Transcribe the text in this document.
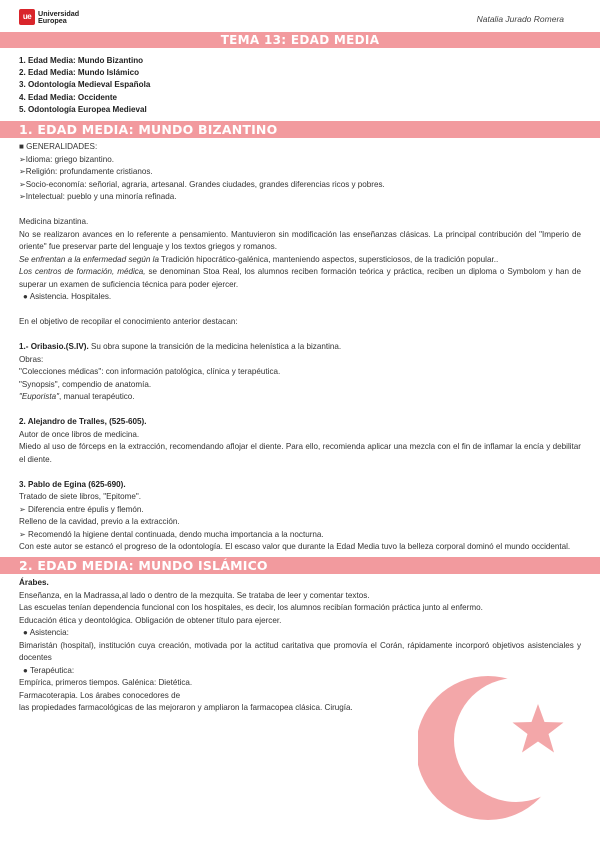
ue Universidad
Europea	Natalia Jurado Romera
TEMA 13: EDAD MEDIA
1. Edad Media: Mundo Bizantino
2. Edad Media: Mundo Islámico
3. Odontología Medieval Española
4. Edad Media: Occidente
5. Odontología Europea Medieval
1. EDAD MEDIA: MUNDO BIZANTINO

■ GENERALIDADES:

➢Idioma: griego bizantino.

➢Religión: profundamente cristianos.

➢Socio-economía: señorial, agraria, artesanal. Grandes ciudades, grandes diferencias ricos y pobres.

➢Intelectual: pueblo y una minoría refinada.

Medicina bizantina.

No se realizaron avances en lo referente a pensamiento. Mantuvieron sin modificación las enseñanzas clásicas. La principal contribución del "Imperio de oriente" fue preservar parte del lenguaje y los textos griegos y romanos.

Se enfrentan a la enfermedad según la Tradición hipocrático-galénica, manteniendo aspectos, supersticiosos, de la tradición popular..

Los centros de formación, médica, se denominan Stoa Real, los alumnos reciben formación teórica y práctica, reciben un diploma o Symbolom y han de superar un examen de suficiencia técnica para poder ejercer.

● Asistencia. Hospitales.

En el objetivo de recopilar el conocimiento anterior destacan:

1.- Oribasio.(S.IV). Su obra supone la transición de la medicina helenística a la bizantina.

Obras:

"Colecciones médicas": con información patológica, clínica y terapéutica.

"Synopsis", compendio de anatomía.

"Euporista", manual terapéutico.

2. Alejandro de Tralles, (525-605).

Autor de once libros de medicina.

Miedo al uso de fórceps en la extracción, recomendando aflojar el diente. Para ello, recomienda aplicar una mezcla con el fin de inflamar la encía y debilitar el diente.

3. Pablo de Egina (625-690).

Tratado de siete libros, "Epitome".

➢ Diferencia entre épulis y flemón.

Relleno de la cavidad, previo a la extracción.

➢ Recomendó la higiene dental continuada, dendo mucha importancia a la nocturna.

Con este autor se estancó el progreso de la odontología. El escaso valor que durante la Edad Media tuvo la belleza corporal dominó el mundo occidental.

2. EDAD MEDIA: MUNDO ISLÁMICO

Árabes.

Enseñanza, en la Madrassa,al lado o dentro de la mezquita. Se trataba de leer y comentar textos.

Las escuelas tenían dependencia funcional con los hospitales, es decir, los alumnos recibían formación práctica junto al enfermo.

Educación ética y deontológica. Obligación de obtener título para ejercer.

● Asistencia:

Bimaristán (hospital), institución cuya creación, motivada por la actitud caritativa que promovía el Corán, rápidamente incorporó objetivos asistenciales y docentes

● Terapéutica:

Empírica, primeros tiempos. Galénica: Dietética.

Farmacoterapia. Los árabes conocedores de

las propiedades farmacológicas de las mejoraron y ampliaron la farmacopea clásica. Cirugía.
